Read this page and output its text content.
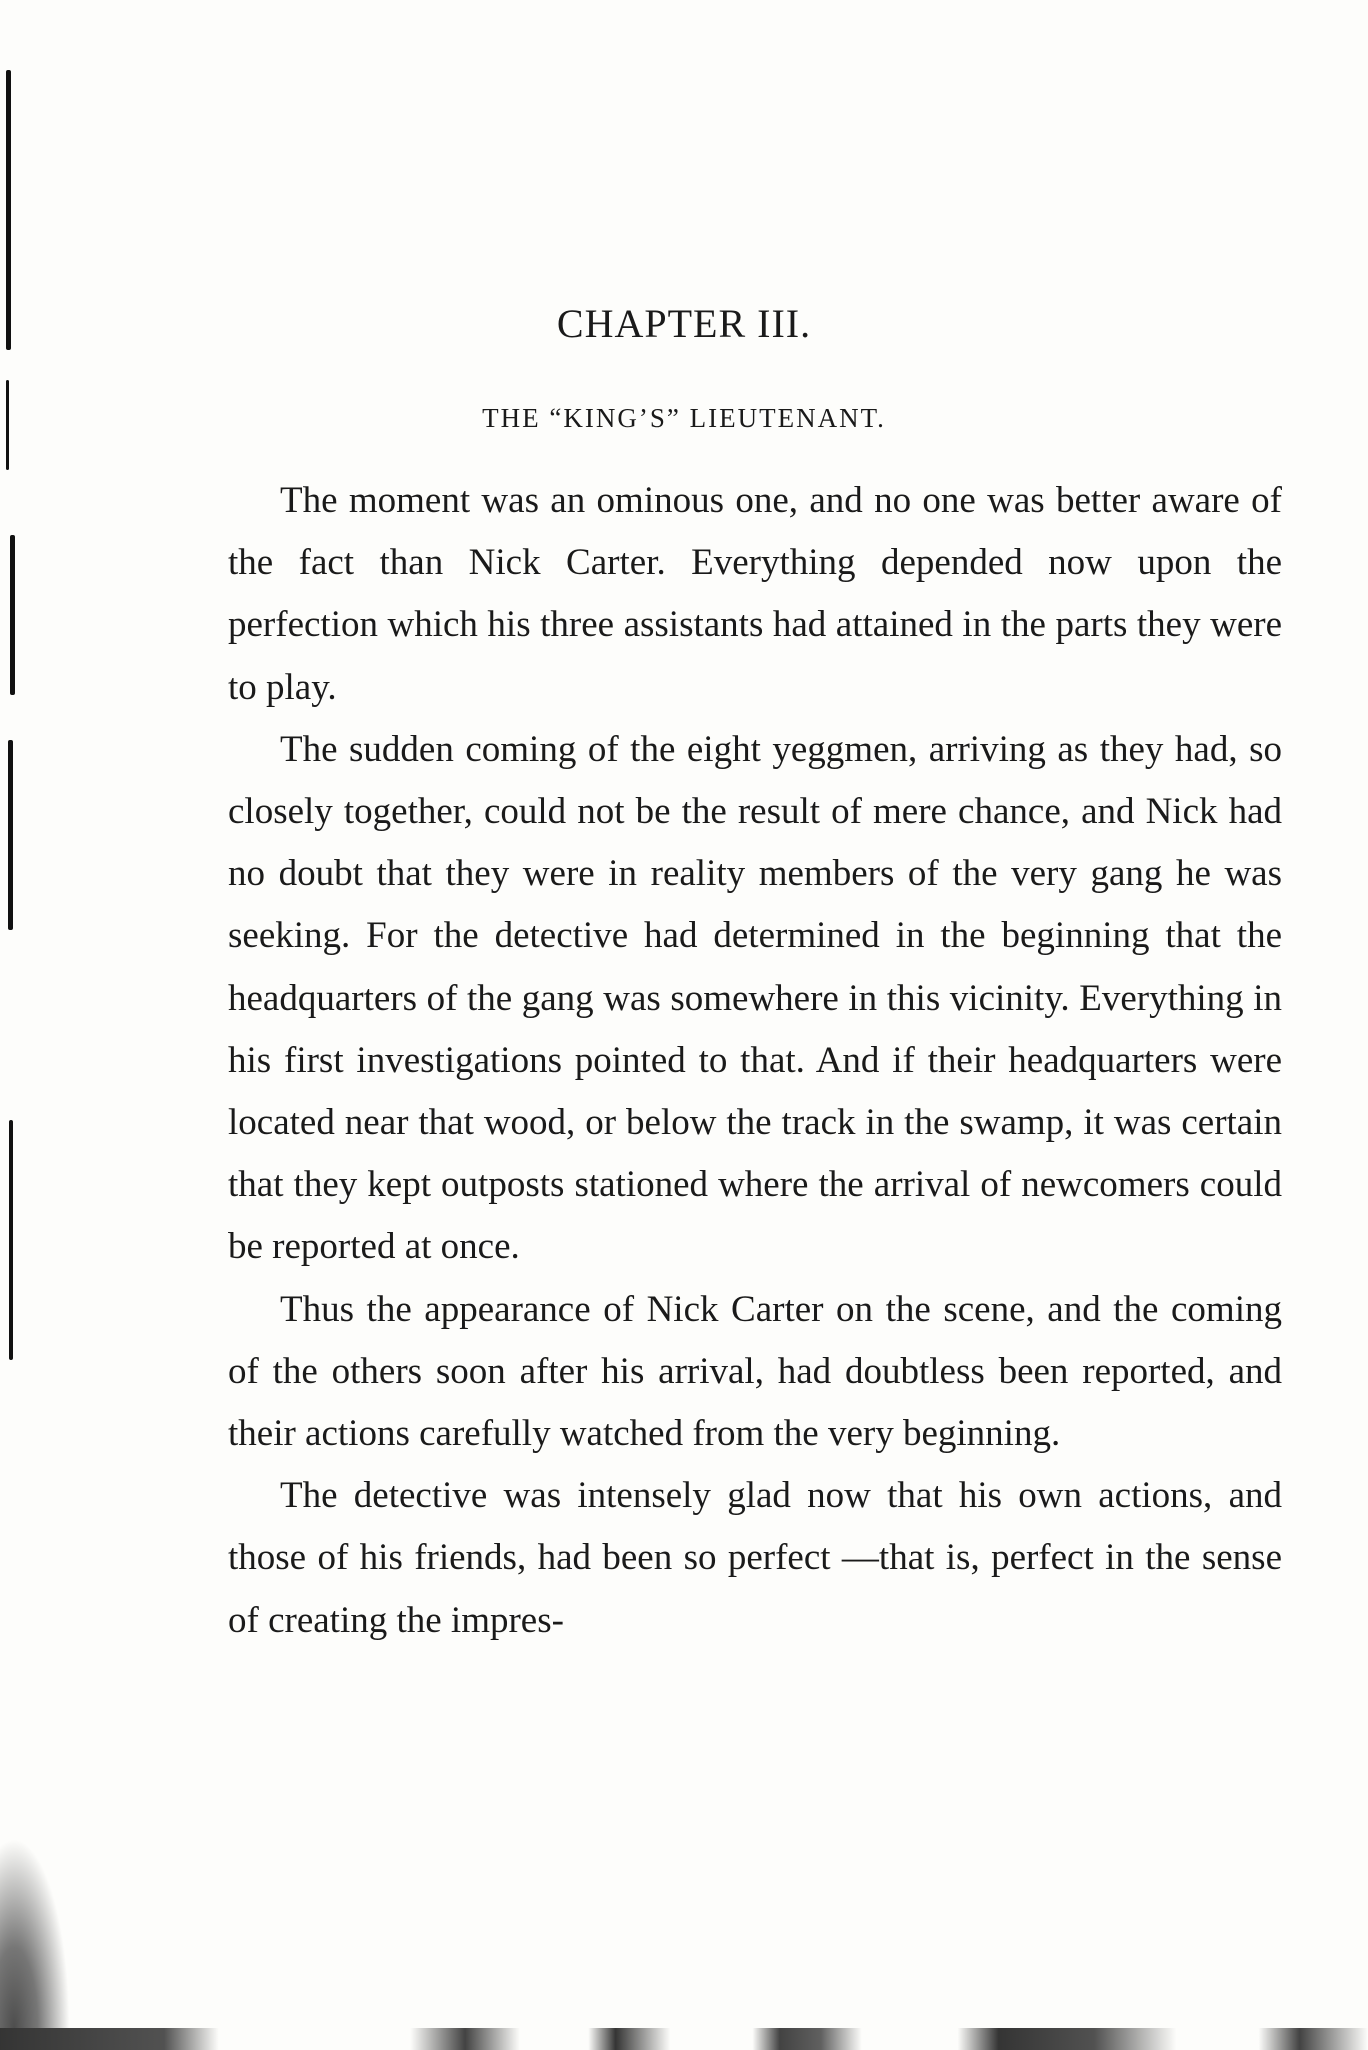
CHAPTER III.
THE “KING’S” LIEUTENANT.

The moment was an ominous one, and no one was better aware of the fact than Nick Carter. Everything depended now upon the perfection which his three assistants had attained in the parts they were to play.

The sudden coming of the eight yeggmen, arriving as they had, so closely together, could not be the result of mere chance, and Nick had no doubt that they were in reality members of the very gang he was seeking. For the detective had determined in the beginning that the headquarters of the gang was somewhere in this vicinity. Everything in his first investigations pointed to that. And if their headquarters were located near that wood, or below the track in the swamp, it was certain that they kept outposts stationed where the arrival of newcomers could be reported at once.

Thus the appearance of Nick Carter on the scene, and the coming of the others soon after his arrival, had doubtless been reported, and their actions carefully watched from the very beginning.

The detective was intensely glad now that his own actions, and those of his friends, had been so perfect —that is, perfect in the sense of creating the impres-
